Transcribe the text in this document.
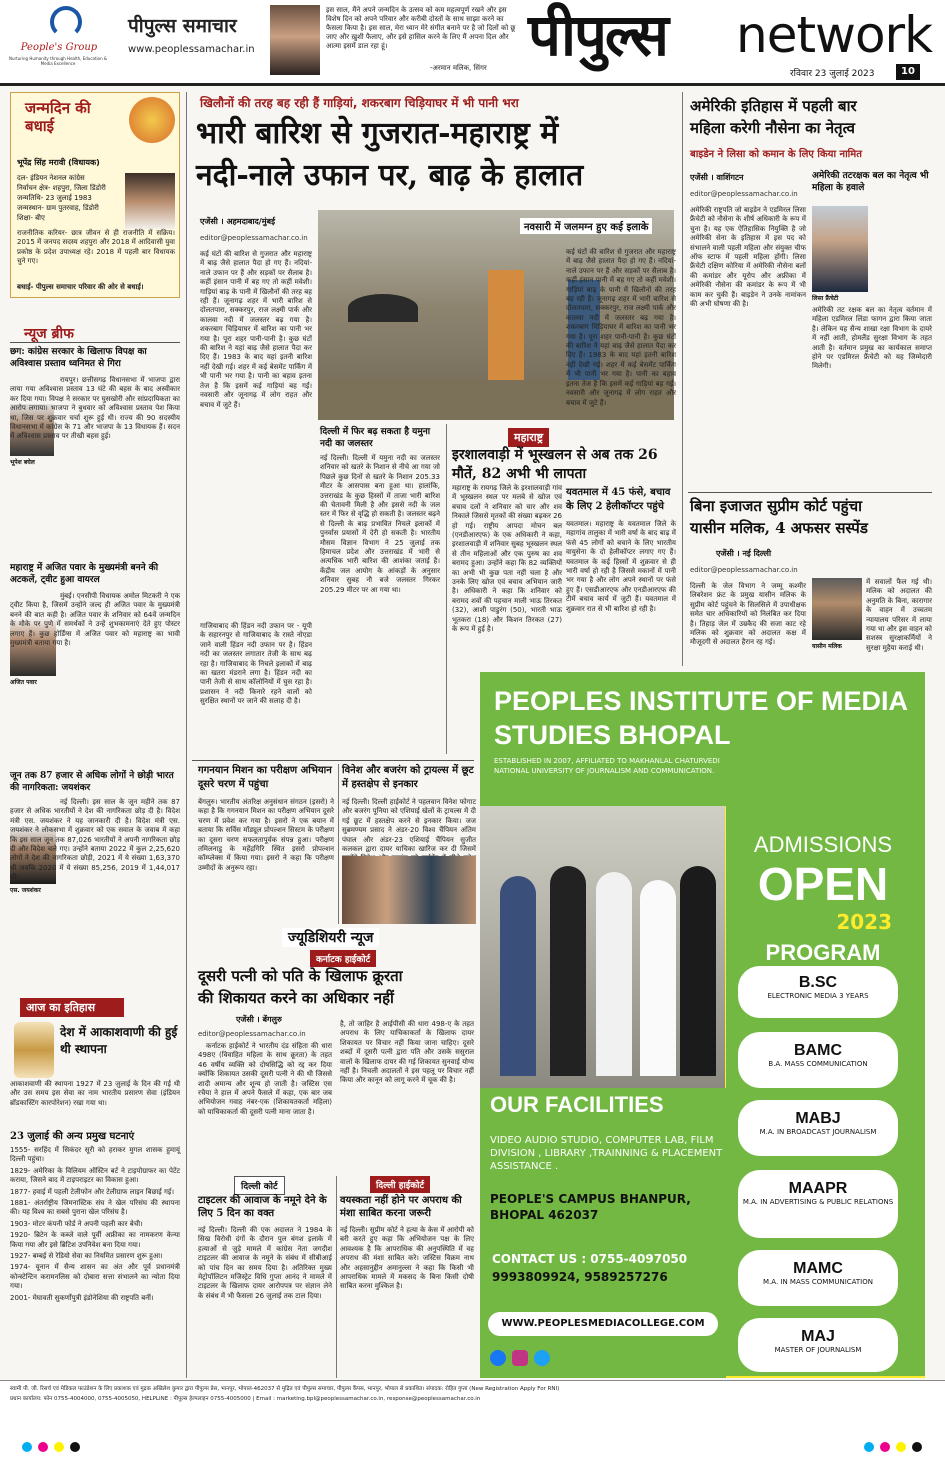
People's Group
Nurturing Humanity through Health, Education & Media Excellence
पीपुल्स समाचार
www.peoplessamachar.in
इस साल, मैंने अपने जन्मदिन के उत्सव को कम महत्वपूर्ण रखने और इस विशेष दिन को अपने परिवार और करीबी दोस्तों के साथ साझा करने का फैसला किया है। इस साल, मेरा ध्यान मेरे संगीत बनाने पर है जो दिलों को छू जाए और ख़ुशी फैलाए, और इसे हासिल करने के लिए मैं अपना दिल और आत्मा इसमें डाल रहा हूं।
-अरमान मलिक, सिंगर पीपुल्स network
रविवार 23 जुलाई 2023	10
जन्मदिन की बधाई
भूपेंद्र सिंह मरावी (विधायक)
दल- इंडियन नेशनल कांग्रेस
निर्वाचन क्षेत्र- शहपुरा, जिला डिंडोरी
जन्मतिथि- 23 जुलाई 1983
जन्मस्थान- ग्राम पुतरवाह, डिंडोरी
शिक्षा- बीए
राजनीतिक करियर- छात्र जीवन से ही राजनीति में सक्रिय। 2015 में जनपद सदस्य शहपुरा और 2018 में आदिवासी युवा प्रकोष्ठ के प्रदेश उपाध्यक्ष रहे। 2018 में पहली बार विधायक चुने गए।
बधाई- पीपुल्स समाचार परिवार की ओर से बधाई।
न्यूज ब्रीफ
छग: कांग्रेस सरकार के खिलाफ विपक्ष का अविश्वास प्रस्ताव ध्वनिमत से गिरा
भूपेश बघेल
रायपुर। छत्तीसगढ़ विधानसभा में भाजपा द्वारा लाया गया अविश्वास प्रस्ताव 13 घंटे की बहस के बाद अस्वीकार कर दिया गया। विपक्ष ने सरकार पर घुसखोरी और सांप्रदायिकता का आरोप लगाया। भाजपा ने बुधवार को अविश्वास प्रस्ताव पेश किया था, जिस पर शुक्रवार चर्चा शुरू हुई थी। राज्य की 90 सदस्यीय विधानसभा में कांग्रेस के 71 और भाजपा के 13 विधायक हैं। सदन में अविश्वास प्रस्ताव पर तीखी बहस हुई।
महाराष्ट्र में अजित पवार के मुख्यमंत्री बनने की अटकलें, ट्वीट हुआ वायरल
अजित पवार
मुंबई। एनसीपी विधायक अमोल मिटकरी ने एक ट्वीट किया है, जिसमें उन्होंने जल्द ही अजित पवार के मुख्यमंत्री बनने की बात कही है। अजित पवार के शनिवार को 64वें जन्मदिन के मौके पर पुणे में समर्थकों ने उन्हें शुभकामनाएं देते हुए पोस्टर लगाए हैं। कुछ होर्डिंग्स में अजित पवार को महाराष्ट्र का भावी मुख्यमंत्री बताया गया है।
जून तक 87 हजार से अधिक लोगों ने छोड़ी भारत की नागरिकता: जयशंकर
एस. जयशंकर
नई दिल्ली। इस साल के जून महीने तक 87 हजार से अधिक भारतीयों ने देश की नागरिकता छोड़ दी है। विदेश मंत्री एस. जयशंकर ने यह जानकारी दी है। विदेश मंत्री एस. जयशंकर ने लोकसभा में शुक्रवार को एक सवाल के जवाब में कहा कि इस साल जून तक 87,026 भारतीयों ने अपनी नागरिकता छोड़ दी और विदेश चले गए। उन्होंने बताया 2022 में कुल 2,25,620 लोगों ने देश की नागरिकता छोड़ी, 2021 में ये संख्या 1,63,370 थी जबकि 2020 में ये संख्या 85,256, 2019 में 1,44,017 थी।
आज का इतिहास
देश में आकाशवाणी की हुई थी स्थापना
आकाशवाणी की स्थापना 1927 में 23 जुलाई के दिन की गई थी और उस समय इस सेवा का नाम भारतीय प्रसारण सेवा (इंडियन ब्रॉडकास्टिंग कारपोरेशन) रखा गया था।
23 जुलाई की अन्य प्रमुख घटनाएं
1555- सरहिंद में सिकंदर सूरी को हराकर मुगल शासक हुमायूं दिल्ली पहुंचा।
1829- अमेरिका के विलियम ऑस्टिन बर्ट ने टाइपोग्राफर का पेटेंट कराया, जिसने बाद में टाइपराइटर का विकास हुआ।
1877- हवाई में पहली टेलीफोन और टेलीग्राफ लाइन बिछाई गई।
1881- अंतर्राष्ट्रीय जिमनास्टिक संघ ने खेल परिसंघ की स्थापना की। यह विश्व का सबसे पुराना खेल परिसंघ है।
1903- मोटर कंपनी फोर्ड ने अपनी पहली कार बेची।
1920- ब्रिटेन के कब्जे वाले पूर्वी अफ्रीका का नामकरण केन्या किया गया और इसे ब्रिटिश उपनिवेश बना दिया गया।
1927- बम्बई से रेडियो सेवा का नियमित प्रसारण शुरू हुआ।
1974- यूनान में सैन्य शासन का अंत और पूर्व प्रधानमंत्री कोन्स्टेन्टिन करामनलिस को दोबारा सत्ता संभालने का न्योता दिया गया।
2001- मेघावती सुकर्णोपुत्री इंडोनेशिया की राष्ट्रपति बनीं।
खिलौनों की तरह बह रही हैं गाड़ियां, शकरबाग चिड़ियाघर में भी पानी भरा
भारी बारिश से गुजरात-महाराष्ट्र में
नदी-नाले उफान पर, बाढ़ के हालात
एजेंसी । अहमदाबाद/मुंबई
editor@peoplessamachar.co.in
नवसारी में जलमग्न हुए कई इलाके
कई घंटों की बारिश से गुजरात और महाराष्ट्र में बाढ़ जैसे हालात पैदा हो गए हैं। नदियां-नाले उफान पर हैं और सड़कों पर सैलाब है। कहीं इंसान पानी में बह गए तो कहीं मवेशी। गाड़ियां बाढ़ के पानी में खिलौनों की तरह बह रही हैं। जूनागढ़ शहर में भारी बारिश से दोलतपारा, सक्करपुर, राज लक्ष्मी पार्क और कालवा नदी में जलस्तर बढ़ गया है। शकरबाग चिड़ियाघर में बारिश का पानी भर गया है। पूरा शहर पानी-पानी है। कुछ घंटों की बारिश ने यहां बाढ़ जैसे हालात पैदा कर दिए हैं। 1983 के बाद यहां इतनी बारिश नहीं देखी गई। शहर में कई बेसमेंट पार्किंग में भी पानी भर गया है। पानी का बहाव इतना तेज है कि इसमें कई गाड़ियां बह गईं। नवसारी और जूनागढ़ में लोग राहत और बचाव में जुटे हैं।
गाजियाबाद की हिंडन नदी उफान पर - यूपी के सहारनपुर से गाजियाबाद के रास्ते नोएडा जाने वाली हिंडन नदी उफान पर है। हिंडन नदी का जलस्तर लगातार तेजी के साथ बढ़ रहा है। गाजियाबाद के निचले इलाकों में बाढ़ का खतरा मंडराने लगा है। हिंडन नदी का पानी तेजी से साथ कॉलोनियों में घुस रहा है। प्रशासन ने नदी किनारे रहने वालों को सुरक्षित स्थानों पर जाने की सलाह दी है।
दिल्ली में फिर बढ़ सकता है यमुना नदी का जलस्तर
नई दिल्ली। दिल्ली में यमुना नदी का जलस्तर शनिवार को खतरे के निशान से नीचे आ गया जो पिछले कुछ दिनों से खतरे के निशान 205.33 मीटर के आसपास बना हुआ था। हालांकि, उत्तराखंड के कुछ हिस्सों में ताजा भारी बारिश की चेतावनी मिली है और इससे नदी के जल स्तर में फिर से वृद्धि हो सकती है। जलस्तर बढ़ने से दिल्ली के बाढ़ प्रभावित निचले इलाकों में पुनर्वास प्रयासों में देरी हो सकती है। भारतीय मौसम विज्ञान विभाग ने 25 जुलाई तक हिमाचल प्रदेश और उत्तराखंड में भारी से अत्यधिक भारी बारिश की आशंका जताई है। केंद्रीय जल आयोग के आंकड़ों के अनुसार शनिवार सुबह नौ बजे जलस्तर गिरकर 205.29 मीटर पर आ गया था।
महाराष्ट्र
इरशालवाड़ी में भूस्खलन से अब तक 26 मौतें, 82 अभी भी लापता
महाराष्ट्र के रायगढ़ जिले के इरशालवाड़ी गांव में भूस्खलन स्थल पर मलबे से खोज एवं बचाव दलों ने शनिवार को चार और शव निकाले जिससे मृतकों की संख्या बढ़कर 26 हो गई। राष्ट्रीय आपदा मोचन बल (एनडीआरएफ) के एक अधिकारी ने कहा, इरशालवाड़ी में शनिवार सुबह भूस्खलन स्थल से तीन महिलाओं और एक पुरुष का शव बरामद हुआ। उन्होंने कहा कि 82 व्यक्तियों का अभी भी कुछ पता नहीं चला है और उनके लिए खोज एवं बचाव अभियान जारी है। अधिकारी ने कहा कि शनिवार को बरामद शवों की पहचान माली भाऊ तिरकत (32), आशी पाडुरंग (50), भारती भाऊ भूतकरा (18) और किशन तिरकत (27) के रूप में हुई है।
यवतमाल में 45 फंसे, बचाव के लिए 2 हेलीकॉप्टर पहुंचे
यवतमाल। महाराष्ट्र के यवतमाल जिले के महागांव तालुका में भारी वर्षा के बाद बाढ़ में फंसे 45 लोगों को बचाने के लिए भारतीय वायुसेना के दो हेलीकॉप्टर लगाए गए हैं। यवतमाल के कई हिस्सों में शुक्रवार से ही भारी वर्षा हो रही है जिससे मकानों में पानी भर गया है और लोग अपने स्थानों पर फंसे हुए हैं। एसडीआरएफ और एनडीआरएफ की टीमें बचाव कार्य में जुटी हैं। यवतमाल में शुक्रवार रात से भी बारिश हो रही है।
कई घंटों की बारिश से गुजरात और महाराष्ट्र में बाढ़ जैसे हालात पैदा हो गए हैं। नदियां-नाले उफान पर हैं और सड़कों पर सैलाब है। कहीं इंसान पानी में बह गए तो कहीं मवेशी। गाड़ियां बाढ़ के पानी में खिलौनों की तरह बह रही हैं। जूनागढ़ शहर में भारी बारिश से दोलतपारा, सक्करपुर, राज लक्ष्मी पार्क और कालवा नदी में जलस्तर बढ़ गया है। शकरबाग चिड़ियाघर में बारिश का पानी भर गया है। पूरा शहर पानी-पानी है। कुछ घंटों की बारिश ने यहां बाढ़ जैसे हालात पैदा कर दिए हैं। 1983 के बाद यहां इतनी बारिश नहीं देखी गई। शहर में कई बेसमेंट पार्किंग में भी पानी भर गया है। पानी का बहाव इतना तेज है कि इसमें कई गाड़ियां बह गईं। नवसारी और जूनागढ़ में लोग राहत और बचाव में जुटे हैं।
अमेरिकी इतिहास में पहली बार
महिला करेगी नौसेना का नेतृत्व
बाइडेन ने लिसा को कमान के लिए किया नामित
एजेंसी । वाशिंगटन
editor@peoplessamachar.co.in
अमेरिकी तटरक्षक बल का नेतृत्व भी महिला के हवाले
अमेरिकी राष्ट्रपति जो बाइडेन ने एडमिरल लिसा फ्रैंचेटी को नौसेना के शीर्ष अधिकारी के रूप में चुना है। यह एक ऐतिहासिक नियुक्ति है जो अमेरिकी सेना के इतिहास में इस पद को संभालने वाली पहली महिला और संयुक्त चीफ ऑफ स्टाफ में पहली महिला होंगी। लिसा फ्रैंचेटी दक्षिण कोरिया में अमेरिकी नौसेना बलों की कमांडर और यूरोप और अफ्रीका में अमेरिकी नौसेना की कमांडर के रूप में भी काम कर चुकी हैं। बाइडेन ने उनके नामांकन की अभी घोषणा की है।
लिसा फ्रैंचेटी
अमेरिकी तट रक्षक बल का नेतृत्व वर्तमान में महिला एडमिरल लिंडा फागन द्वारा किया जाता है। लेकिन यह सैन्य शाखा रक्षा विभाग के दायरे में नहीं आती, होमलैंड सुरक्षा विभाग के तहत आती है। वर्तमान प्रमुख का कार्यकाल समाप्त होने पर एडमिरल फ्रैंचेटी को यह जिम्मेदारी मिलेगी।
बिना इजाजत सुप्रीम कोर्ट पहुंचा
यासीन मलिक, 4 अफसर सस्पेंड
एजेंसी । नई दिल्ली
editor@peoplessamachar.co.in
दिल्ली के जेल विभाग ने जम्मू कश्मीर लिबरेशन फ्रंट के प्रमुख यासीन मलिक के सुप्रीम कोर्ट पहुंचने के सिलसिले में उपाधीक्षक समेत चार अधिकारियों को निलंबित कर दिया है। तिहाड़ जेल में उम्रकैद की सजा काट रहे मलिक को शुक्रवार को अदालत कक्ष में मौजूदगी से अदालत हैरान रह गई।
यासीन मलिक
में सवालों फैल गई थी। मलिक को अदालत की अनुमति के बिना, कारागार के वाहन में उच्चतम न्यायालय परिसर में लाया गया था और इस वाहन को सशस्त्र सुरक्षाकर्मियों ने सुरक्षा मुहैया कराई थी।
गगनयान मिशन का परीक्षण अभियान दूसरे चरण में पहुंचा
बेंगलुरु। भारतीय अंतरिक्ष अनुसंधान संगठन (इसरो) ने कहा है कि गगनयान मिशन का परीक्षण अभियान दूसरे चरण में प्रवेश कर गया है। इसरो ने एक बयान में बताया कि सर्विस मॉड्यूल प्रोपल्शन सिस्टम के परीक्षण का दूसरा चरण सफलतापूर्वक संपन्न हुआ। परीक्षण तमिलनाडु के महेंद्रगिरि स्थित इसरो प्रोपल्शन कॉम्प्लेक्स में किया गया। इसरो ने कहा कि परीक्षण उम्मीदों के अनुरूप रहा।
विनेश और बजरंग को ट्रायल्स में छूट में हस्तक्षेप से इनकार
नई दिल्ली। दिल्ली हाईकोर्ट ने पहलवान विनेश फोगाट और बजरंग पूनिया को एशियाई खेलों के ट्रायल्स में दी गई छूट में हस्तक्षेप करने से इनकार किया। जज सुब्रमण्यम प्रसाद ने अंडर-20 विश्व चैंपियन अंतिम पंघाल और अंडर-23 एशियाई चैंपियन सुजीत कलकल द्वारा दायर याचिका खारिज कर दी जिसमें
ज्यूडिशियरी न्यूज
कर्नाटक हाईकोर्ट
दूसरी पत्नी को पति के खिलाफ क्रूरता
की शिकायत करने का अधिकार नहीं
एजेंसी । बेंगलुरु
editor@peoplessamachar.co.in
कर्नाटक हाईकोर्ट ने भारतीय दंड संहिता की धारा 498ए (विवाहित महिला के साथ क्रूरता) के तहत 46 वर्षीय व्यक्ति को दोषसिद्धि को रद्द कर दिया क्योंकि शिकायत उसकी दूसरी पत्नी ने की थी जिससे शादी अमान्य और शून्य हो जाती है। जस्टिस एस रचैया ने हाल में अपने फैसले में कहा, एक बार जब अभियोजन गवाह नंबर-एक (शिकायतकर्ता महिला) को याचिकाकर्ता की दूसरी पत्नी माना जाता है।
है, तो जाहिर है आईपीसी की धारा 498-ए के तहत अपराध के लिए याचिकाकर्ता के खिलाफ दायर शिकायत पर विचार नहीं किया जाना चाहिए। दूसरे शब्दों में दूसरी पत्नी द्वारा पति और उसके ससुराल वालों के खिलाफ दायर की गई शिकायत सुनवाई योग्य नहीं है। निचली अदालतों ने इस पहलू पर विचार नहीं किया और कानून को लागू करने में चूक की है।
दिल्ली कोर्ट
टाइटलर की आवाज के नमूने देने के लिए 5 दिन का वक्त
नई दिल्ली। दिल्ली की एक अदालत ने 1984 के सिख विरोधी दंगों के दौरान पुल बंगश इलाके में हत्याओं से जुड़े मामले में कांग्रेस नेता जगदीश टाइटलर की आवाज के नमूने के संबंध में सीबीआई को पांच दिन का समय दिया है। अतिरिक्त मुख्य मेट्रोपॉलिटन मजिस्ट्रेट विधि गुप्ता आनंद ने मामले में टाइटलर के खिलाफ दायर आरोपपत्र पर संज्ञान लेने के संबंध में भी फैसला 26 जुलाई तक टाल दिया।
दिल्ली हाईकोर्ट
वयस्कता नहीं होने पर अपराध की मंशा साबित करना जरूरी
नई दिल्ली। सुप्रीम कोर्ट ने हत्या के केस में आरोपी को बरी करते हुए कहा कि अभियोजन पक्ष के लिए आवश्यक है कि आपराधिक की अनुपस्थिति में वह अपराध की मंशा साबित करे। जस्टिस विक्रम नाथ और अहसानुद्दीन अमानुल्ला ने कहा कि किसी भी आपराधिक मामले में मकसद के बिना किसी दोषी साबित करना मुश्किल है।
PEOPLES INSTITUTE OF MEDIA
STUDIES BHOPAL
ESTABLISHED IN 2007, AFFILIATED TO MAKHANLAL CHATURVEDI
NATIONAL UNIVERSITY OF JOURNALISM AND COMMUNICATION.
ADMISSIONS
OPEN
2023
PROGRAM
B.SC
ELECTRONIC MEDIA 3 YEARS
BAMC
B.A. MASS COMMUNICATION
MABJ
M.A. IN BROADCAST JOURNALISM
MAAPR
M.A. IN ADVERTISING & PUBLIC RELATIONS
MAMC
M.A. IN MASS COMMUNICATION
MAJ
MASTER OF JOURNALISM
OUR FACILITIES
VIDEO AUDIO STUDIO, COMPUTER LAB, FILM DIVISION , LIBRARY ,TRAINNING & PLACEMENT ASSISTANCE .
PEOPLE'S CAMPUS BHANPUR,
BHOPAL 462037
CONTACT US : 0755-4097050
9993809924, 9589257276
WWW.PEOPLESMEDIACOLLEGE.COM
स्वामी पी. जी. रिसर्च एवं मेडिकल फाउंडेशन के लिए प्रकाशक एवं मुद्रक अखिलेश कुमार द्वारा पीपुल्स प्रेस, भानपुर, भोपाल-462037 से मुद्रित एवं पीपुल्स समाचार, पीपुल्स कैंपस, भानपुर, भोपाल से प्रकाशित। संपादक: रोहित गुप्ता (New Registration Apply For RNI)
प्रधान कार्यालय: फोन 0755-4004000, 0755-4005050, HELPLINE : पीपुल्स हेल्पलाइन 0755-4005000 | Email : marketing.bpl@peoplessamachar.co.in, response@peoplessamachar.co.in
